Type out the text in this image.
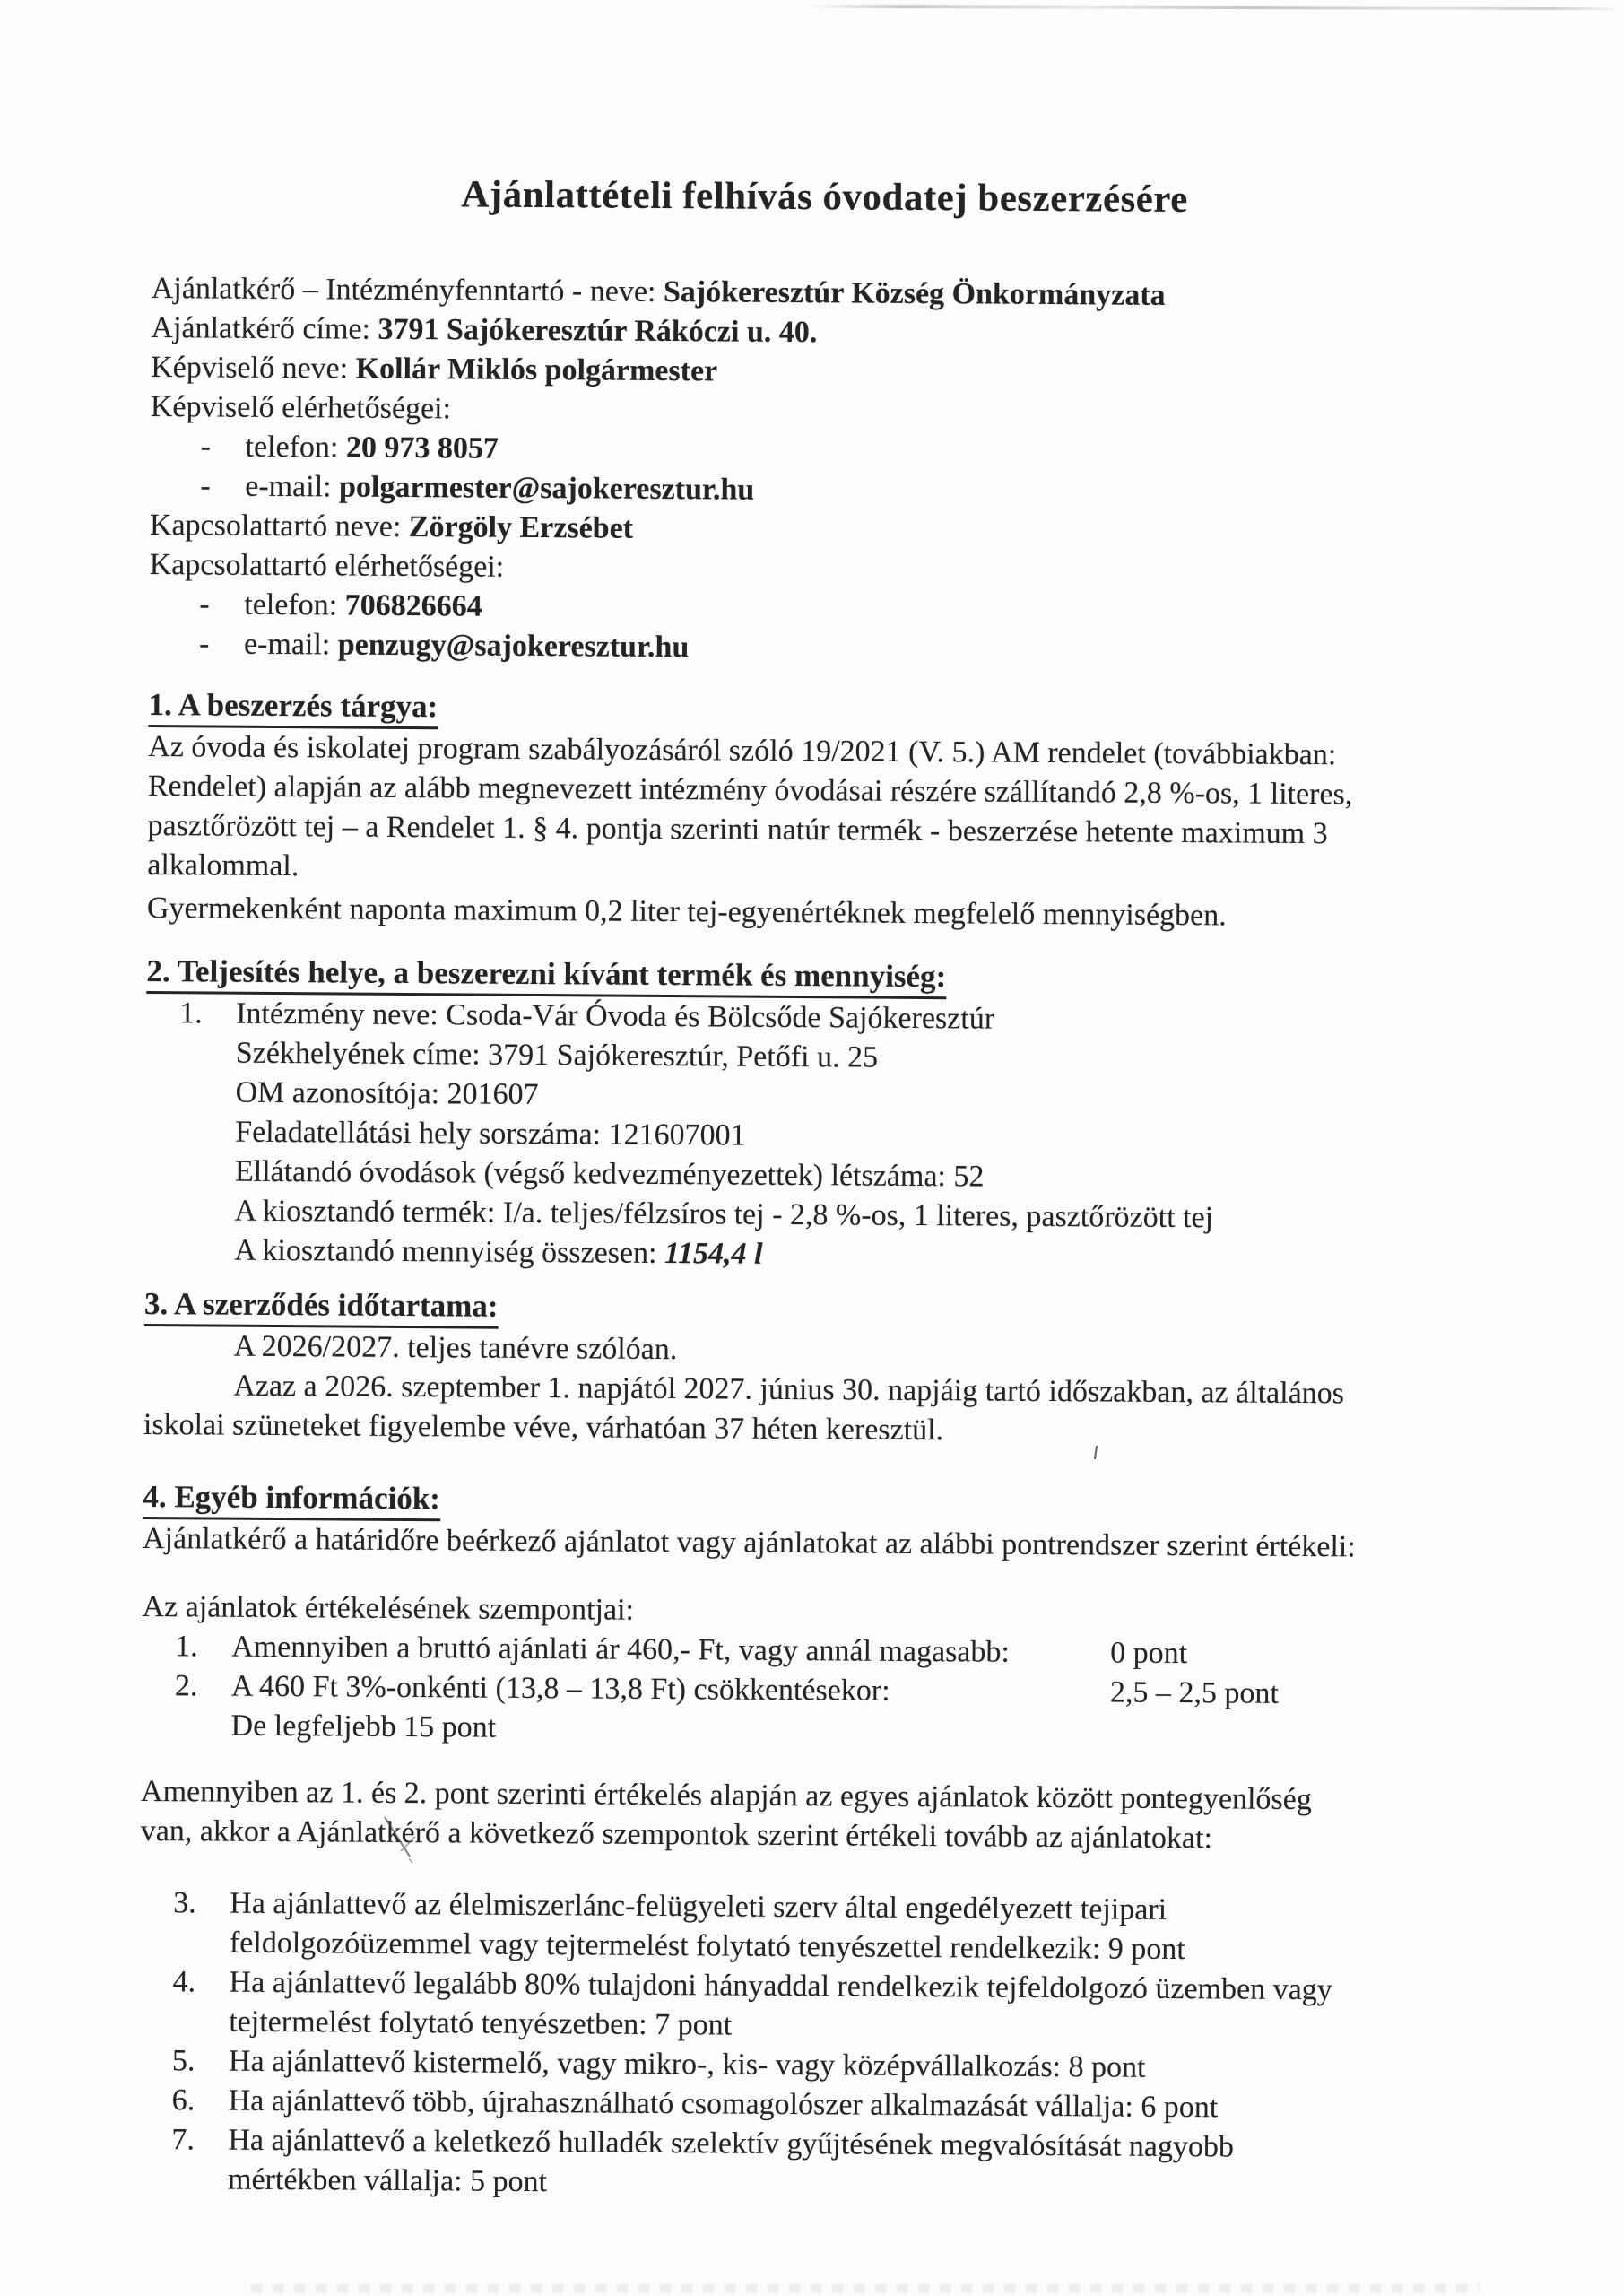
Ajánlattételi felhívás óvodatej beszerzésére
Ajánlatkérő – Intézményfenntartó - neve: Sajókeresztúr Község Önkormányzata
Ajánlatkérő címe: 3791 Sajókeresztúr Rákóczi u. 40.
Képviselő neve: Kollár Miklós polgármester
Képviselő elérhetőségei:
-	telefon: 20 973 8057
-	e-mail: polgarmester@sajokeresztur.hu
Kapcsolattartó neve: Zörgöly Erzsébet
Kapcsolattartó elérhetőségei:
-	telefon: 706826664
-	e-mail: penzugy@sajokeresztur.hu
1. A beszerzés tárgya:
Az óvoda és iskolatej program szabályozásáról szóló 19/2021 (V. 5.) AM rendelet (továbbiakban:
Rendelet) alapján az alább megnevezett intézmény óvodásai részére szállítandó 2,8 %-os, 1 literes,
pasztőrözött tej – a Rendelet 1. § 4. pontja szerinti natúr termék - beszerzése hetente maximum 3
alkalommal.
Gyermekenként naponta maximum 0,2 liter tej-egyenértéknek megfelelő mennyiségben.
2. Teljesítés helye, a beszerezni kívánt termék és mennyiség:
1.	Intézmény neve: Csoda-Vár Óvoda és Bölcsőde Sajókeresztúr
Székhelyének címe: 3791 Sajókeresztúr, Petőfi u. 25
OM azonosítója: 201607
Feladatellátási hely sorszáma: 121607001
Ellátandó óvodások (végső kedvezményezettek) létszáma: 52
A kiosztandó termék: I/a. teljes/félzsíros tej - 2,8 %-os, 1 literes, pasztőrözött tej
A kiosztandó mennyiség összesen: 1154,4 l
3. A szerződés időtartama:
A 2026/2027. teljes tanévre szólóan.
Azaz a 2026. szeptember 1. napjától 2027. június 30. napjáig tartó időszakban, az általános
iskolai szüneteket figyelembe véve, várhatóan 37 héten keresztül.
4. Egyéb információk:
Ajánlatkérő a határidőre beérkező ajánlatot vagy ajánlatokat az alábbi pontrendszer szerint értékeli:
Az ajánlatok értékelésének szempontjai:
1.	Amennyiben a bruttó ajánlati ár 460,- Ft, vagy annál magasabb:	0 pont
2.	A 460 Ft 3%-onkénti (13,8 – 13,8 Ft) csökkentésekor:	2,5 – 2,5 pont
De legfeljebb 15 pont
Amennyiben az 1. és 2. pont szerinti értékelés alapján az egyes ajánlatok között pontegyenlőség
van, akkor a Ajánlatkérő a következő szempontok szerint értékeli tovább az ajánlatokat:
3.	Ha ajánlattevő az élelmiszerlánc-felügyeleti szerv által engedélyezett tejipari
feldolgozóüzemmel vagy tejtermelést folytató tenyészettel rendelkezik: 9 pont
4.	Ha ajánlattevő legalább 80% tulajdoni hányaddal rendelkezik tejfeldolgozó üzemben vagy
tejtermelést folytató tenyészetben: 7 pont
5.	Ha ajánlattevő kistermelő, vagy mikro-, kis- vagy középvállalkozás: 8 pont
6.	Ha ajánlattevő több, újrahasználható csomagolószer alkalmazását vállalja: 6 pont
7.	Ha ajánlattevő a keletkező hulladék szelektív gyűjtésének megvalósítását nagyobb
mértékben vállalja: 5 pont
